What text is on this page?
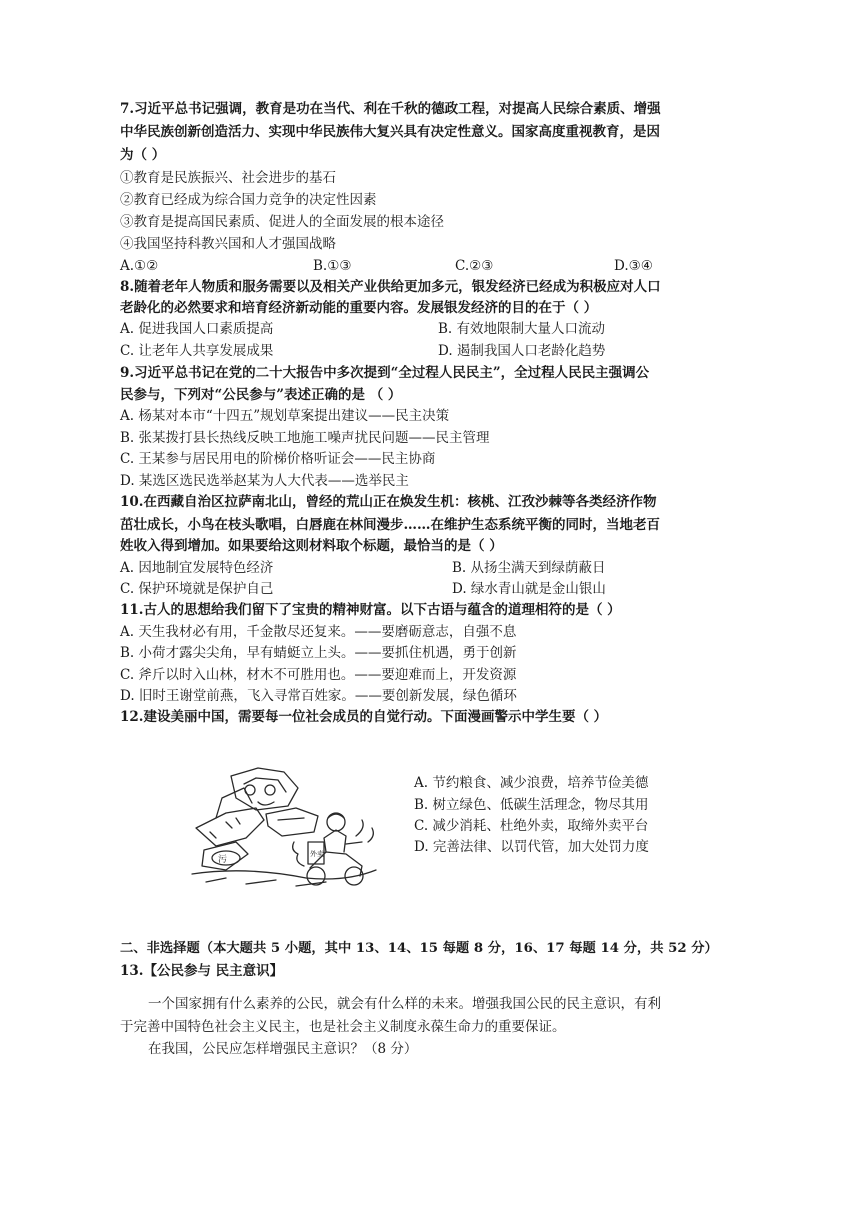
7.习近平总书记强调，教育是功在当代、利在千秋的德政工程，对提高人民综合素质、增强
中华民族创新创造活力、实现中华民族伟大复兴具有决定性意义。国家高度重视教育，是因
为（ ）
①教育是民族振兴、社会进步的基石
②教育已经成为综合国力竞争的决定性因素
③教育是提高国民素质、促进人的全面发展的根本途径
④我国坚持科教兴国和人才强国战略
A.①②	B.①③	C.②③	D.③④
8.随着老年人物质和服务需要以及相关产业供给更加多元，银发经济已经成为积极应对人口
老龄化的必然要求和培育经济新动能的重要内容。发展银发经济的目的在于（ ）
A. 促进我国人口素质提高	B. 有效地限制大量人口流动
C. 让老年人共享发展成果	D. 遏制我国人口老龄化趋势
9.习近平总书记在党的二十大报告中多次提到“全过程人民民主”，全过程人民民主强调公
民参与，下列对“公民参与”表述正确的是 （ ）
A. 杨某对本市“十四五”规划草案提出建议——民主决策
B. 张某拨打县长热线反映工地施工噪声扰民问题——民主管理
C. 王某参与居民用电的阶梯价格听证会——民主协商
D. 某选区选民选举赵某为人大代表——选举民主
10.在西藏自治区拉萨南北山，曾经的荒山正在焕发生机：核桃、江孜沙棘等各类经济作物
茁壮成长，小鸟在枝头歌唱，白唇鹿在林间漫步……在维护生态系统平衡的同时，当地老百
姓收入得到增加。如果要给这则材料取个标题，最恰当的是（ ）
A. 因地制宜发展特色经济	B. 从扬尘满天到绿荫蔽日
C. 保护环境就是保护自己	D. 绿水青山就是金山银山
11.古人的思想给我们留下了宝贵的精神财富。以下古语与蕴含的道理相符的是（ ）
A. 天生我材必有用，千金散尽还复来。——要磨砺意志，自强不息
B. 小荷才露尖尖角，早有蜻蜓立上头。——要抓住机遇，勇于创新
C. 斧斤以时入山林，材木不可胜用也。——要迎难而上，开发资源
D. 旧时王谢堂前燕，飞入寻常百姓家。——要创新发展，绿色循环
12.建设美丽中国，需要每一位社会成员的自觉行动。下面漫画警示中学生要（ ）
污
外卖
A. 节约粮食、减少浪费，培养节俭美德
B. 树立绿色、低碳生活理念，物尽其用
C. 减少消耗、杜绝外卖，取缔外卖平台
D. 完善法律、以罚代管，加大处罚力度
二、非选择题（本大题共 5 小题，其中 13、14、15 每题 8 分，16、17 每题 14 分，共 52 分）
13.【公民参与 民主意识】
一个国家拥有什么素养的公民，就会有什么样的未来。增强我国公民的民主意识，有利
于完善中国特色社会主义民主，也是社会主义制度永葆生命力的重要保证。
在我国，公民应怎样增强民主意识？（8 分）
